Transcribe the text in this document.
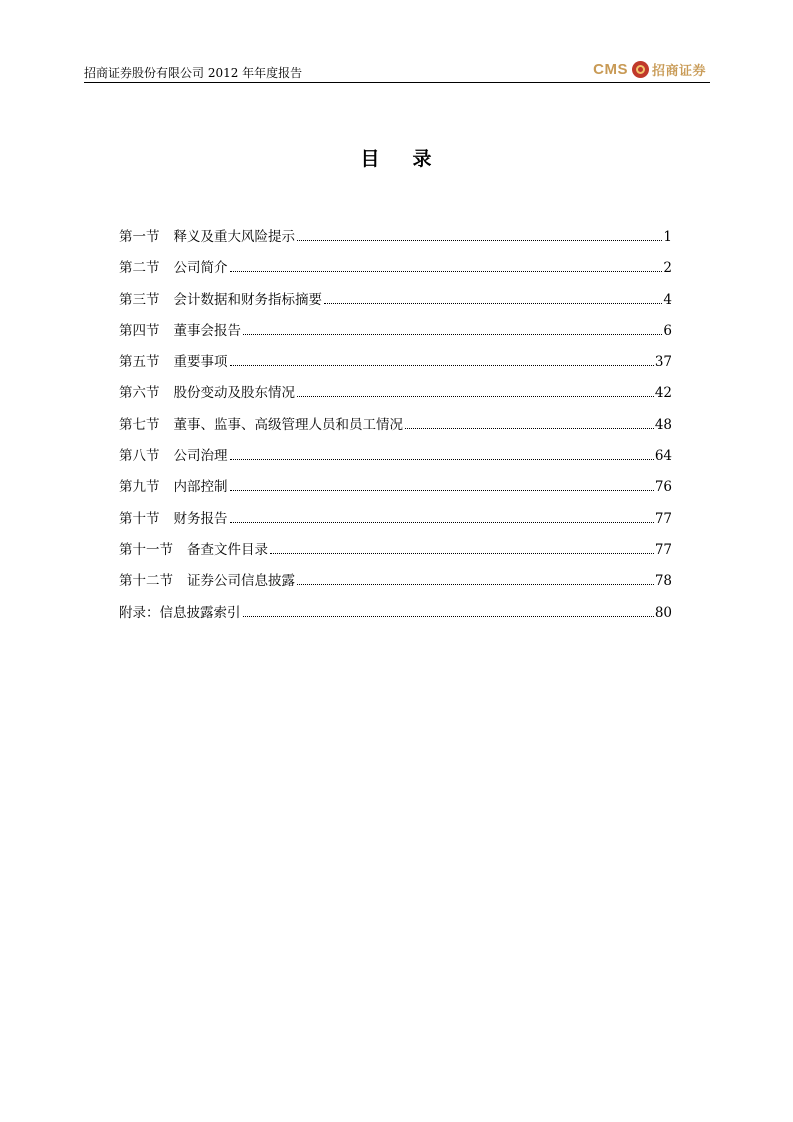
招商证券股份有限公司 2012 年年度报告	CMS 招商证券
目 录
第一节 释义及重大风险提示	1
第二节 公司简介	2
第三节 会计数据和财务指标摘要	4
第四节 董事会报告	6
第五节 重要事项	37
第六节 股份变动及股东情况	42
第七节 董事、监事、高级管理人员和员工情况	48
第八节 公司治理	64
第九节 内部控制	76
第十节 财务报告	77
第十一节 备查文件目录	77
第十二节 证券公司信息披露	78
附录： 信息披露索引	80
